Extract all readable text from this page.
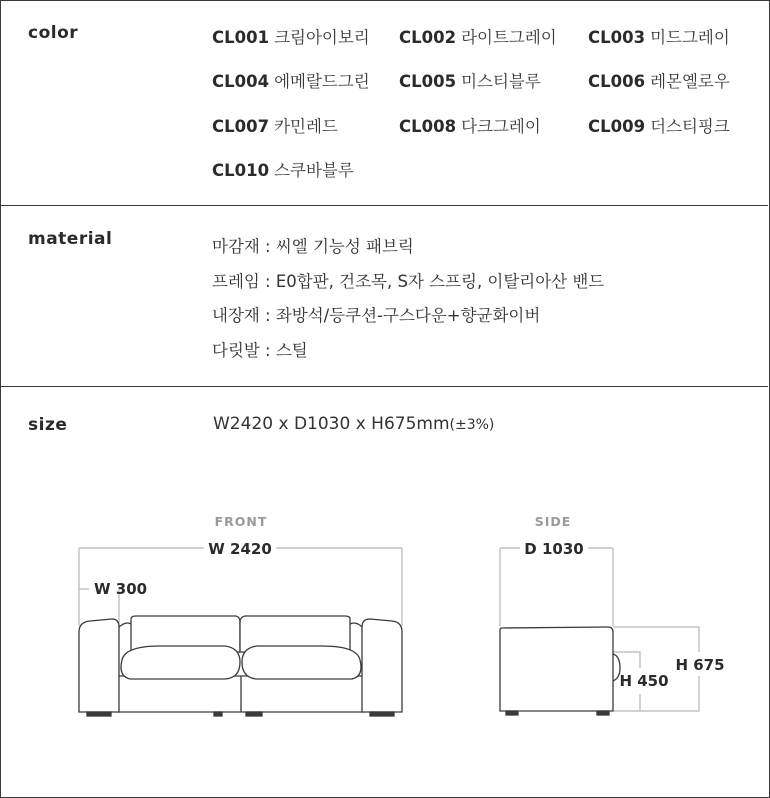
color	CL001 크림아이보리 CL002 라이트그레이 CL003 미드그레이
CL004 에메랄드그린 CL005 미스티블루	CL006 레몬옐로우
CL007 카민레드	CL008 다크그레이	CL009 더스티핑크
CL010 스쿠바블루
material	마감재 : 씨엘 기능성 패브릭
프레임 : E0합판, 건조목, S자 스프링, 이탈리아산 밴드
내장재 : 좌방석/등쿠션-구스다운+향균화이버
다릿발 : 스틸
size	W2420 x D1030 x H675mm(±3%)
FRONT	SIDE
W 2420
W 300
D 1030
H 450
H 675
